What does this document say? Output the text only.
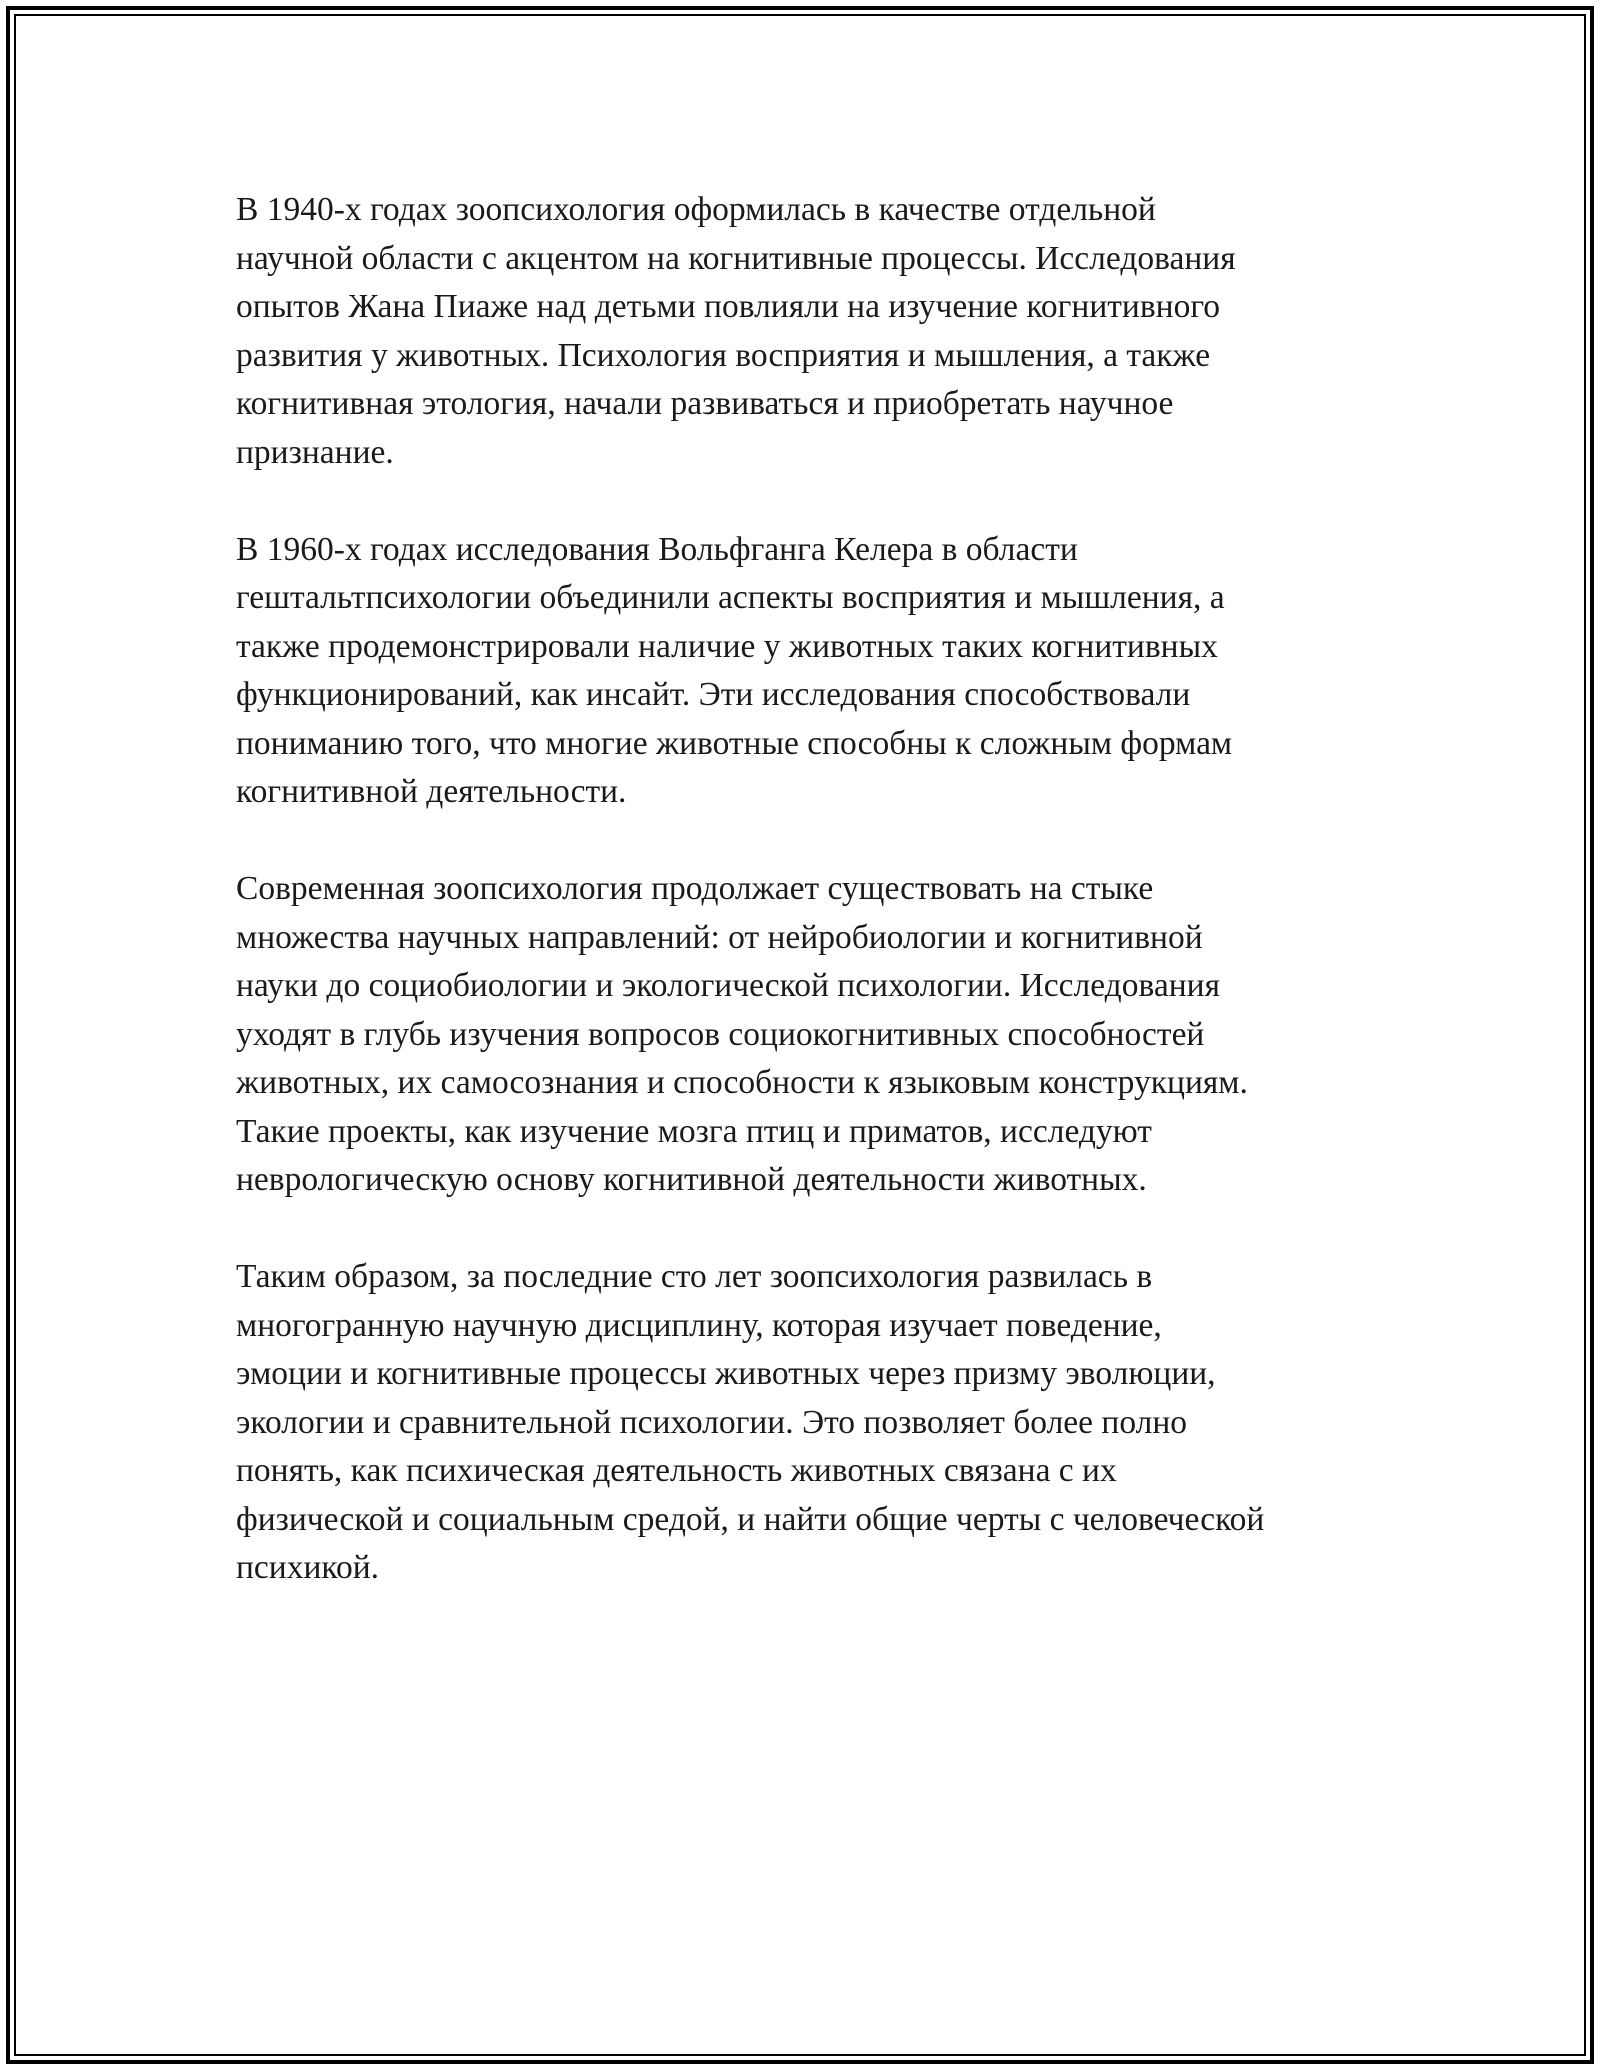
В 1940-х годах зоопсихология оформилась в качестве отдельной
научной области с акцентом на когнитивные процессы. Исследования
опытов Жана Пиаже над детьми повлияли на изучение когнитивного
развития у животных. Психология восприятия и мышления, а также
когнитивная этология, начали развиваться и приобретать научное
признание.

В 1960-х годах исследования Вольфганга Келера в области
гештальтпсихологии объединили аспекты восприятия и мышления, а
также продемонстрировали наличие у животных таких когнитивных
функционирований, как инсайт. Эти исследования способствовали
пониманию того, что многие животные способны к сложным формам
когнитивной деятельности.

Современная зоопсихология продолжает существовать на стыке
множества научных направлений: от нейробиологии и когнитивной
науки до социобиологии и экологической психологии. Исследования
уходят в глубь изучения вопросов социокогнитивных способностей
животных, их самосознания и способности к языковым конструкциям.
Такие проекты, как изучение мозга птиц и приматов, исследуют
неврологическую основу когнитивной деятельности животных.

Таким образом, за последние сто лет зоопсихология развилась в
многогранную научную дисциплину, которая изучает поведение,
эмоции и когнитивные процессы животных через призму эволюции,
экологии и сравнительной психологии. Это позволяет более полно
понять, как психическая деятельность животных связана с их
физической и социальным средой, и найти общие черты с человеческой
психикой.
